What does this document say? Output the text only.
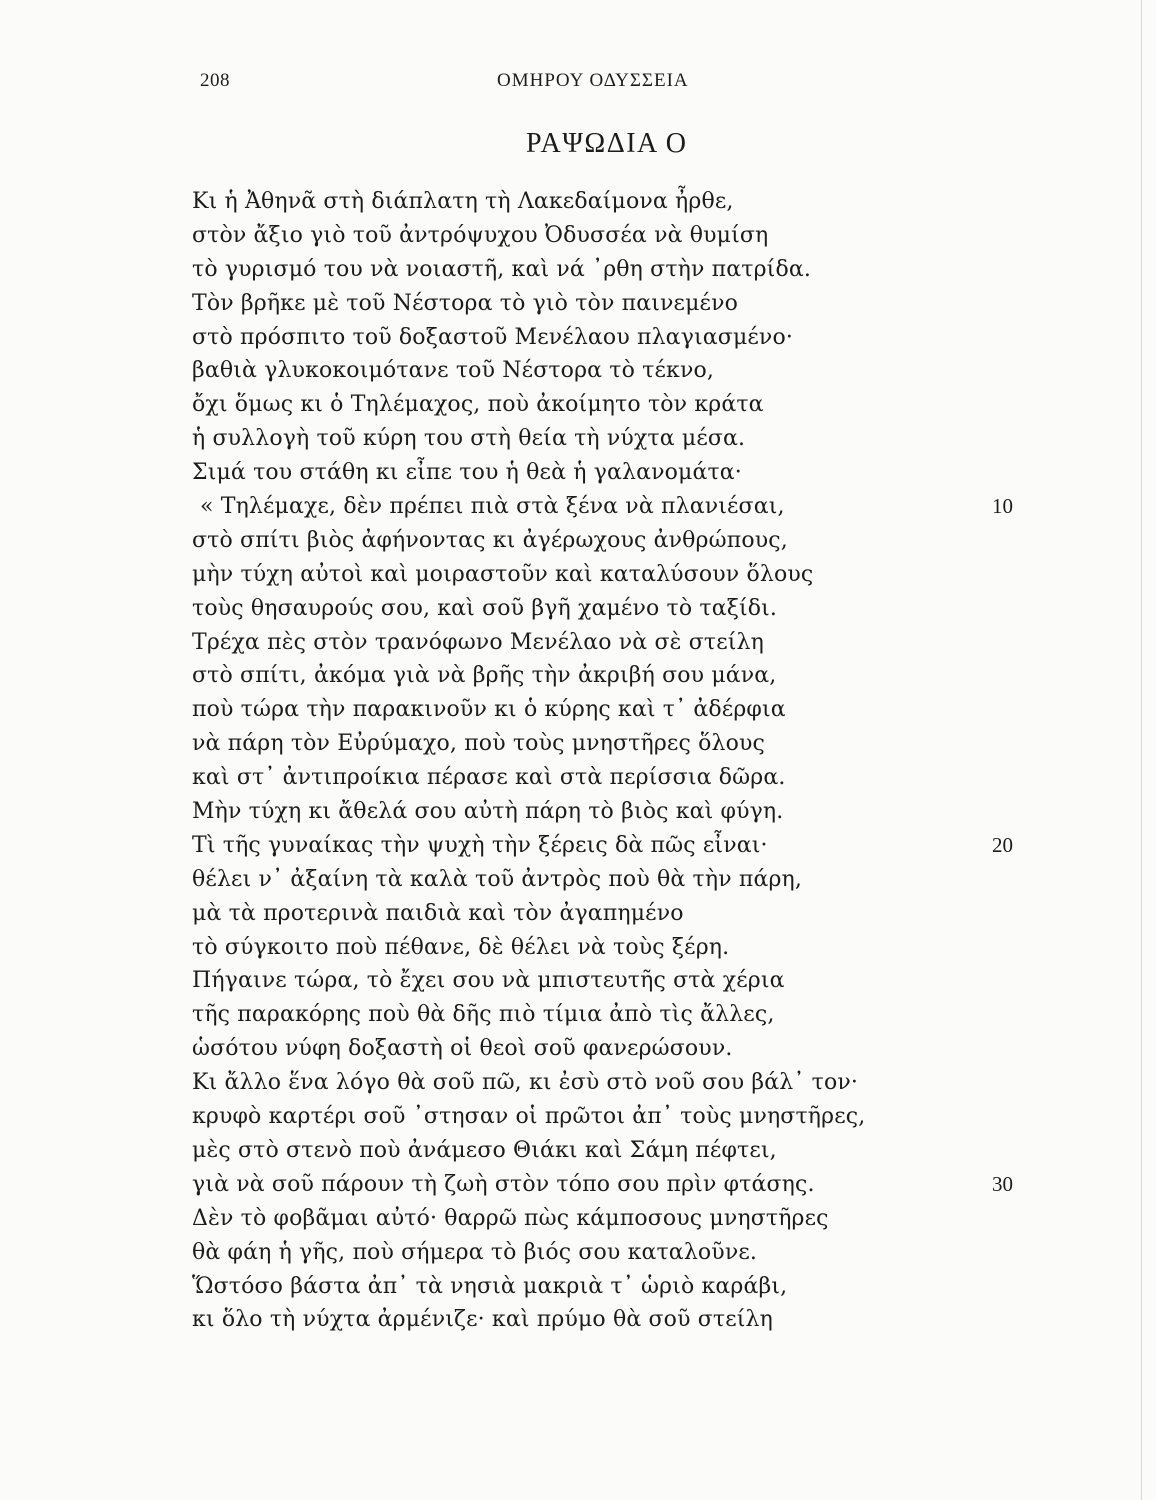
208	ΟΜΗΡΟΥ ΟΔΥΣΣΕΙΑ
ΡΑΨΩΔΙΑ Ο
Κι ἡ Ἀθηνᾶ στὴ διάπλατη τὴ Λακεδαίμονα ἦρθε,
στὸν ἄξιο γιὸ τοῦ ἀντρόψυχου Ὀδυσσέα νὰ θυμίση
τὸ γυρισμό του νὰ νοιαστῆ, καὶ νά ᾽ρθη στὴν πατρίδα.
Τὸν βρῆκε μὲ τοῦ Νέστορα τὸ γιὸ τὸν παινεμένο
στὸ πρόσπιτο τοῦ δοξαστοῦ Μενέλαου πλαγιασμένο·
βαθιὰ γλυκοκοιμότανε τοῦ Νέστορα τὸ τέκνο,
ὄχι ὅμως κι ὁ Τηλέμαχος, ποὺ ἀκοίμητο τὸν κράτα
ἡ συλλογὴ τοῦ κύρη του στὴ θεία τὴ νύχτα μέσα.
Σιμά του στάθη κι εἶπε του ἡ θεὰ ἡ γαλανομάτα·
« Τηλέμαχε, δὲν πρέπει πιὰ στὰ ξένα νὰ πλανιέσαι,	10
στὸ σπίτι βιὸς ἀφήνοντας κι ἀγέρωχους ἀνθρώπους,
μὴν τύχη αὐτοὶ καὶ μοιραστοῦν καὶ καταλύσουν ὅλους
τοὺς θησαυρούς σου, καὶ σοῦ βγῆ χαμένο τὸ ταξίδι.
Τρέχα πὲς στὸν τρανόφωνο Μενέλαο νὰ σὲ στείλη
στὸ σπίτι, ἀκόμα γιὰ νὰ βρῆς τὴν ἀκριβή σου μάνα,
ποὺ τώρα τὴν παρακινοῦν κι ὁ κύρης καὶ τ᾽ ἀδέρφια
νὰ πάρη τὸν Εὐρύμαχο, ποὺ τοὺς μνηστῆρες ὅλους
καὶ στ᾽ ἀντιπροίκια πέρασε καὶ στὰ περίσσια δῶρα.
Μὴν τύχη κι ἄθελά σου αὐτὴ πάρη τὸ βιὸς καὶ φύγη.
Τὶ τῆς γυναίκας τὴν ψυχὴ τὴν ξέρεις δὰ πῶς εἶναι·	20
θέλει ν᾽ ἀξαίνη τὰ καλὰ τοῦ ἀντρὸς ποὺ θὰ τὴν πάρη,
μὰ τὰ προτερινὰ παιδιὰ καὶ τὸν ἀγαπημένο
τὸ σύγκοιτο ποὺ πέθανε, δὲ θέλει νὰ τοὺς ξέρη.
Πήγαινε τώρα, τὸ ἔχει σου νὰ μπιστευτῆς στὰ χέρια
τῆς παρακόρης ποὺ θὰ δῆς πιὸ τίμια ἀπὸ τὶς ἄλλες,
ὡσότου νύφη δοξαστὴ οἱ θεοὶ σοῦ φανερώσουν.
Κι ἄλλο ἕνα λόγο θὰ σοῦ πῶ, κι ἐσὺ στὸ νοῦ σου βάλ᾽ τον·
κρυφὸ καρτέρι σοῦ ᾽στησαν οἱ πρῶτοι ἀπ᾽ τοὺς μνηστῆρες,
μὲς στὸ στενὸ ποὺ ἀνάμεσο Θιάκι καὶ Σάμη πέφτει,
γιὰ νὰ σοῦ πάρουν τὴ ζωὴ στὸν τόπο σου πρὶν φτάσης.	30
Δὲν τὸ φοβᾶμαι αὐτό· θαρρῶ πὼς κάμποσους μνηστῆρες
θὰ φάη ἡ γῆς, ποὺ σήμερα τὸ βιός σου καταλοῦνε.
Ὥστόσο βάστα ἀπ᾽ τὰ νησιὰ μακριὰ τ᾽ ὡριὸ καράβι,
κι ὅλο τὴ νύχτα ἀρμένιζε· καὶ πρύμο θὰ σοῦ στείλη
